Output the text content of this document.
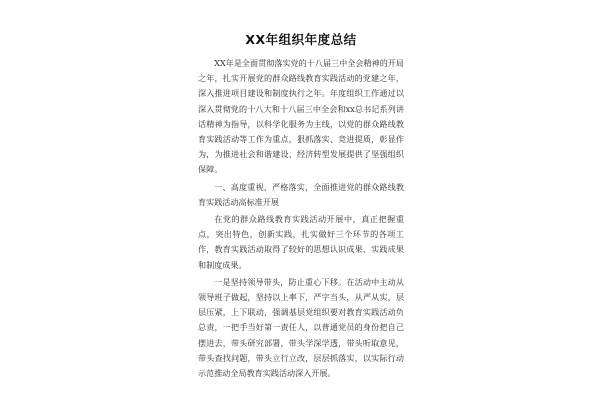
XX年组织年度总结

XX年是全面贯彻落实党的十八届三中全会精神的开局之年，扎实开展党的群众路线教育实践活动的党建之年，深入推进项目建设和制度执行之年。年度组织工作通过以深入贯彻党的十八大和十八届三中全会和xx总书记系列讲话精神为指导，以科学化服务为主线，以党的群众路线教育实践活动等工作为重点，狠抓落实、竞进提质，彰显作为，为推进社会和谐建设、经济转型发展提供了坚强组织保障。

一、高度重视、严格落实，全面推进党的群众路线教育实践活动高标准开展

在党的群众路线教育实践活动开展中，真正把握重点，突出特色，创新实践，扎实做好三个环节的各项工作，教育实践活动取得了较好的思想认识成果、实践成果和制度成果。

一是坚持领导带头，防止重心下移。在活动中主动从领导班子做起，坚持以上率下，严字当头，从严从实，层层压紧，上下联动，强调基层党组织要对教育实践活动负总责，一把手当好第一责任人，以普通党员的身份把自己摆进去，带头研究部署，带头学深学透，带头听取意见，带头查找问题，带头立行立改，层层抓落实，以实际行动示范推动全局教育实践活动深入开展。
